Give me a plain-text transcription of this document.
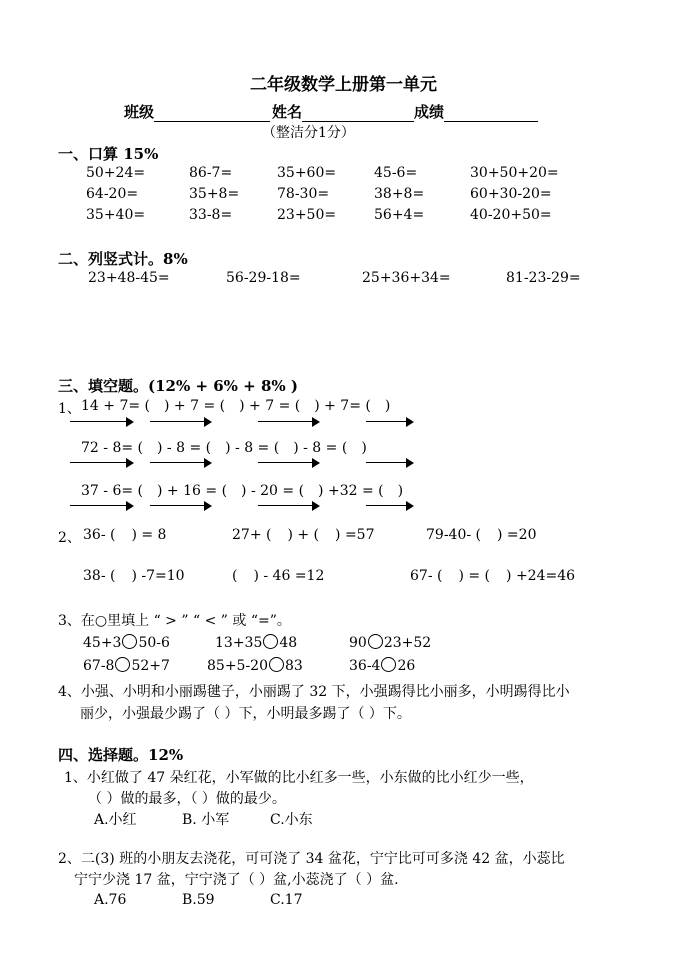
二年级数学上册第一单元
班级	姓名	成绩
（整洁分1分）
一、口算 15%
50+24=	86-7=	35+60=	45-6=	30+50+20=
64-20=	35+8=	78-30=	38+8=	60+30-20=
35+40=	33-8=	23+50=	56+4=	40-20+50=
二、列竖式计。8%
23+48-45=	56-29-18=	25+36+34=	81-23-29=
三、填空题。(12% + 6% + 8% )
1、 14 + 7= ( ) + 7 = ( ) + 7 = ( ) + 7= ( )
72 - 8= ( ) - 8 = ( ) - 8 = ( ) - 8 = ( )
37 - 6= ( ) + 16 = ( ) - 20 = ( ) +32 = ( )
2、 36- ( ) = 8	27+ ( ) + ( ) =57	79-40- ( ) =20
38- ( ) -7=10	( ) - 46 =12	67- ( ) = ( ) +24=46
3、在○里填上 “ > ” “ < ” 或 “=”。
45+3 50-6	13+35 48	90 23+52
67-8 52+7	85+5-20 83	36-4 26
4、小强、小明和小丽踢毽子，小丽踢了 32 下，小强踢得比小丽多，小明踢得比小
丽少，小强最少踢了（ ）下，小明最多踢了（ ）下。
四、选择题。12%
1、小红做了 47 朵红花，小军做的比小红多一些，小东做的比小红少一些，
（ ）做的最多，（ ）做的最少。
A.小红	B. 小军	C.小东
2、二(3) 班的小朋友去浇花，可可浇了 34 盆花，宁宁比可可多浇 42 盆，小蕊比
宁宁少浇 17 盆，宁宁浇了（ ）盆,小蕊浇了（ ）盆.
A.76	B.59	C.17
